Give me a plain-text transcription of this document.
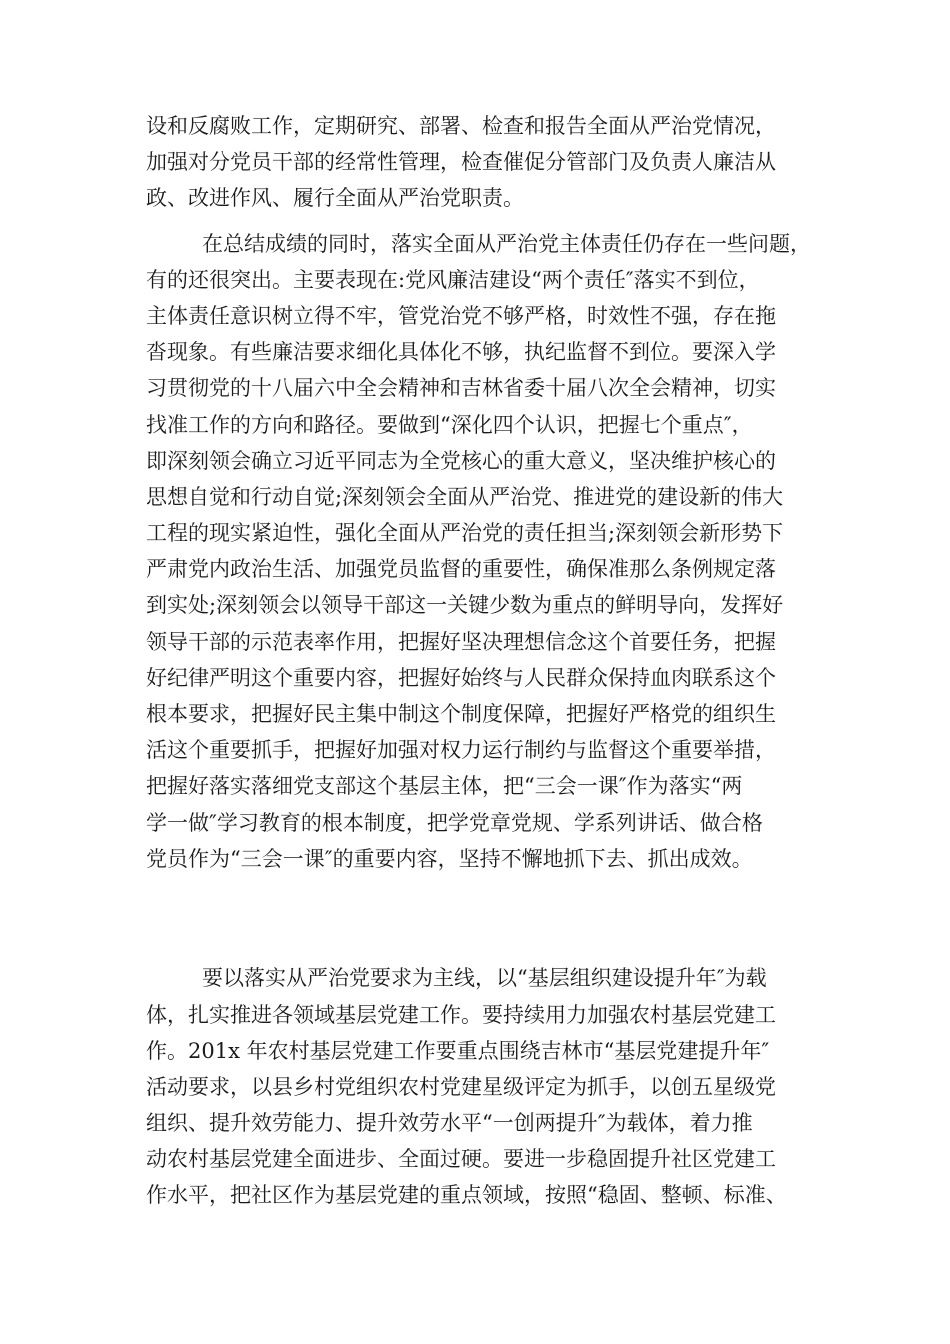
设和反腐败工作，定期研究、部署、检查和报告全面从严治党情况，
加强对分党员干部的经常性管理，检查催促分管部门及负责人廉洁从
政、改进作风、履行全面从严治党职责。
在总结成绩的同时，落实全面从严治党主体责任仍存在一些问题，
有的还很突出。主要表现在:党风廉洁建设“两个责任″落实不到位，
主体责任意识树立得不牢，管党治党不够严格，时效性不强，存在拖
沓现象。有些廉洁要求细化具体化不够，执纪监督不到位。要深入学
习贯彻党的十八届六中全会精神和吉林省委十届八次全会精神，切实
找准工作的方向和路径。要做到“深化四个认识，把握七个重点″，
即深刻领会确立习近平同志为全党核心的重大意义，坚决维护核心的
思想自觉和行动自觉;深刻领会全面从严治党、推进党的建设新的伟大
工程的现实紧迫性，强化全面从严治党的责任担当;深刻领会新形势下
严肃党内政治生活、加强党员监督的重要性，确保准那么条例规定落
到实处;深刻领会以领导干部这一关键少数为重点的鲜明导向，发挥好
领导干部的示范表率作用，把握好坚决理想信念这个首要任务，把握
好纪律严明这个重要内容，把握好始终与人民群众保持血肉联系这个
根本要求，把握好民主集中制这个制度保障，把握好严格党的组织生
活这个重要抓手，把握好加强对权力运行制约与监督这个重要举措，
把握好落实落细党支部这个基层主体，把“三会一课″作为落实“两
学一做″学习教育的根本制度，把学党章党规、学系列讲话、做合格
党员作为“三会一课″的重要内容，坚持不懈地抓下去、抓出成效。
要以落实从严治党要求为主线，以“基层组织建设提升年″为载
体，扎实推进各领域基层党建工作。要持续用力加强农村基层党建工
作。201x 年农村基层党建工作要重点围绕吉林市“基层党建提升年″
活动要求，以县乡村党组织农村党建星级评定为抓手，以创五星级党
组织、提升效劳能力、提升效劳水平“一创两提升″为载体，着力推
动农村基层党建全面进步、全面过硬。要进一步稳固提升社区党建工
作水平，把社区作为基层党建的重点领域，按照“稳固、整顿、标准、
